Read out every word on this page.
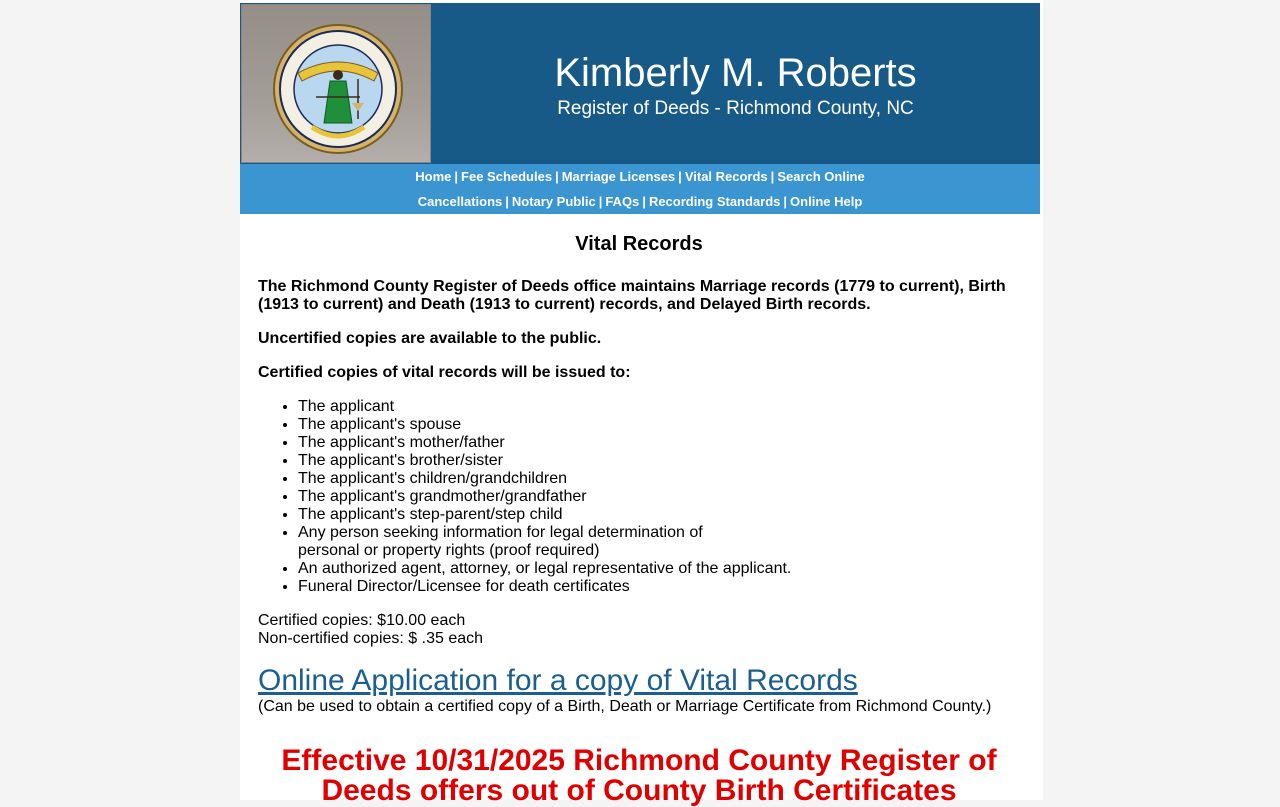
Kimberly M. Roberts
Register of Deeds - Richmond County, NC
Home | Fee Schedules | Marriage Licenses | Vital Records | Search Online
Cancellations | Notary Public | FAQs | Recording Standards | Online Help
Vital Records

The Richmond County Register of Deeds office maintains Marriage records (1779 to current), Birth (1913 to current) and Death (1913 to current) records, and Delayed Birth records.

Uncertified copies are available to the public.

Certified copies of vital records will be issued to:

• The applicant
• The applicant's spouse
• The applicant's mother/father
• The applicant's brother/sister
• The applicant's children/grandchildren
• The applicant's grandmother/grandfather
• The applicant's step-parent/step child
• Any person seeking information for legal determination of personal or property rights (proof required)
• An authorized agent, attorney, or legal representative of the applicant.
• Funeral Director/Licensee for death certificates
Certified copies: $10.00 each
Non-certified copies: $ .35 each
Online Application for a copy of Vital Records
(Can be used to obtain a certified copy of a Birth, Death or Marriage Certificate from Richmond County.)
Effective 10/31/2025 Richmond County Register of Deeds offers out of County Birth Certificates
